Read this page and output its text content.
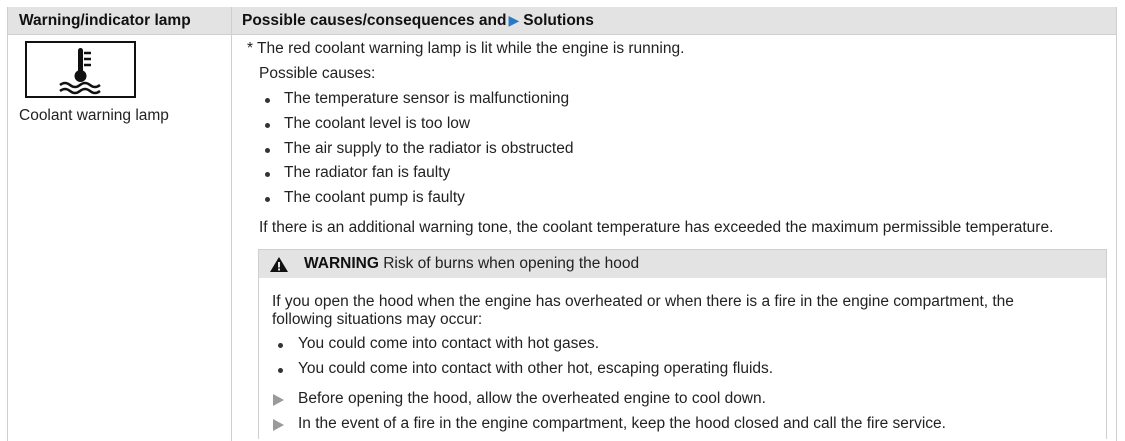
Warning/indicator lamp	Possible causes/consequences and ▶ Solutions
Coolant warning lamp
* The red coolant warning lamp is lit while the engine is running.
Possible causes:
The temperature sensor is malfunctioning
The coolant level is too low
The air supply to the radiator is obstructed
The radiator fan is faulty
The coolant pump is faulty
If there is an additional warning tone, the coolant temperature has exceeded the maximum permissible temperature.
WARNING Risk of burns when opening the hood
If you open the hood when the engine has overheated or when there is a fire in the engine compartment, the
following situations may occur:
You could come into contact with hot gases.
You could come into contact with other hot, escaping operating fluids.
Before opening the hood, allow the overheated engine to cool down.
In the event of a fire in the engine compartment, keep the hood closed and call the fire service.
